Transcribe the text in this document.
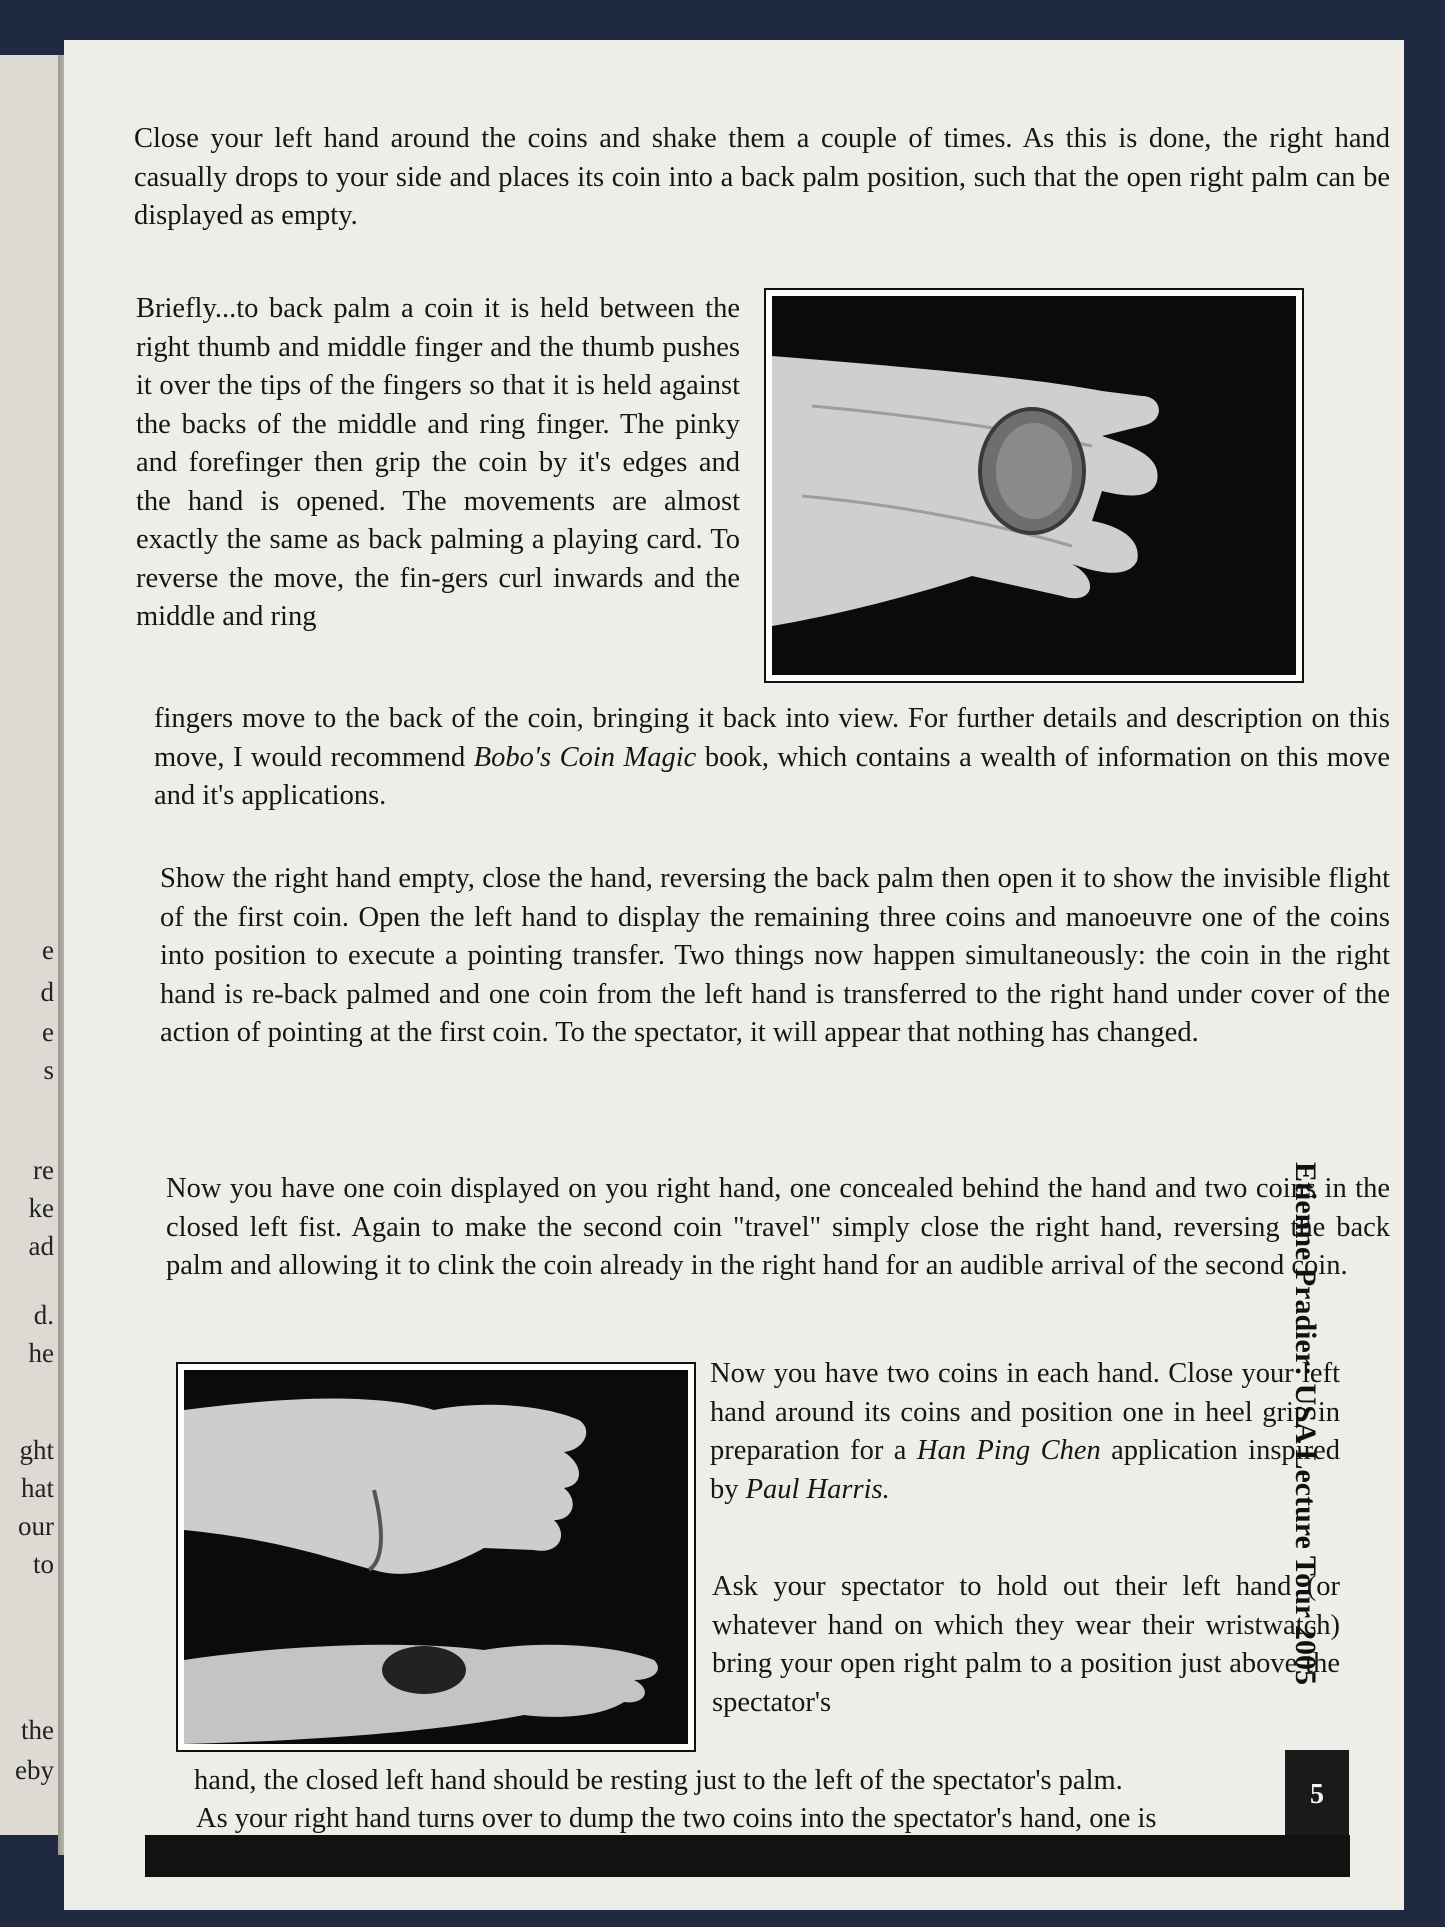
e
d
e
s
re
ke
ad
d.
he
ght
hat
our
to
the
eby

Close your left hand around the coins and shake them a couple of times. As this is done, the right hand casually drops to your side and places its coin into a back palm position, such that the open right palm can be displayed as empty.

Briefly...to back palm a coin it is held between the right thumb and middle finger and the thumb pushes it over the tips of the fingers so that it is held against the backs of the middle and ring finger. The pinky and forefinger then grip the coin by it's edges and the hand is opened. The movements are almost exactly the same as back palming a playing card. To reverse the move, the fin-gers curl inwards and the middle and ring

fingers move to the back of the coin, bringing it back into view. For further details and description on this move, I would recommend Bobo's Coin Magic book, which contains a wealth of information on this move and it's applications.

Show the right hand empty, close the hand, reversing the back palm then open it to show the invisible flight of the first coin. Open the left hand to display the remaining three coins and manoeuvre one of the coins into position to execute a pointing transfer. Two things now happen simultaneously: the coin in the right hand is re-back palmed and one coin from the left hand is transferred to the right hand under cover of the action of pointing at the first coin. To the spectator, it will appear that nothing has changed.

Now you have one coin displayed on you right hand, one concealed behind the hand and two coins in the closed left fist. Again to make the second coin "travel" simply close the right hand, reversing the back palm and allowing it to clink the coin already in the right hand for an audible arrival of the second coin.

Now you have two coins in each hand. Close your left hand around its coins and position one in heel grip in preparation for a Han Ping Chen application inspired by Paul Harris.

Ask your spectator to hold out their left hand (or whatever hand on which they wear their wristwatch) bring your open right palm to a position just above the spectator's

hand, the closed left hand should be resting just to the left of the spectator's palm.

As your right hand turns over to dump the two coins into the spectator's hand, one is

Etienne Pradier: USA Lecture Tour 2005
5
